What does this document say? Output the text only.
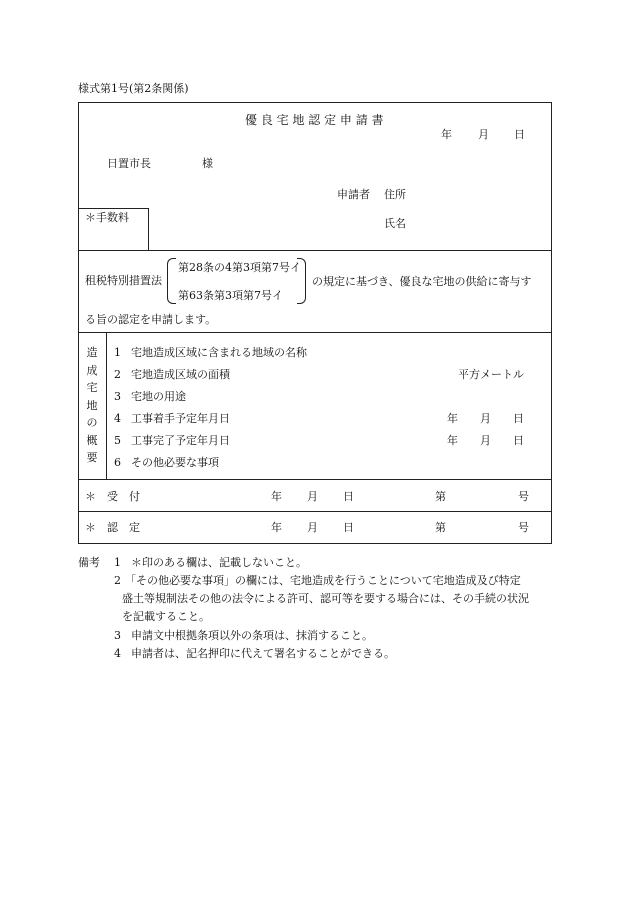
様式第1号(第2条関係)
優 良 宅 地 認 定 申 請 書
年 月 日
日置市長	様
申請者 住所
氏名
＊手数料
租税特別措置法
第28条の4第3項第7号イ
第63条第3項第7号イ
の規定に基づき、優良な宅地の供給に寄与す
る旨の認定を申請します。
造
成
宅
地
の
概
要
1 宅地造成区域に含まれる地域の名称
2 宅地造成区域の面積	平方メートル
3 宅地の用途
4 工事着手予定年月日	年　　月　　日
5 工事完了予定年月日	年　　月　　日
6 その他必要な事項
＊　受　付	年 月 日	第	号
＊　認　定	年 月 日	第	号
備考 1 ＊印のある欄は、記載しないこと。
2 「その他必要な事項」の欄には、宅地造成を行うことについて宅地造成及び特定
盛土等規制法その他の法令による許可、認可等を要する場合には、その手続の状況
を記載すること。
3 申請文中根拠条項以外の条項は、抹消すること。
4 申請者は、記名押印に代えて署名することができる。
